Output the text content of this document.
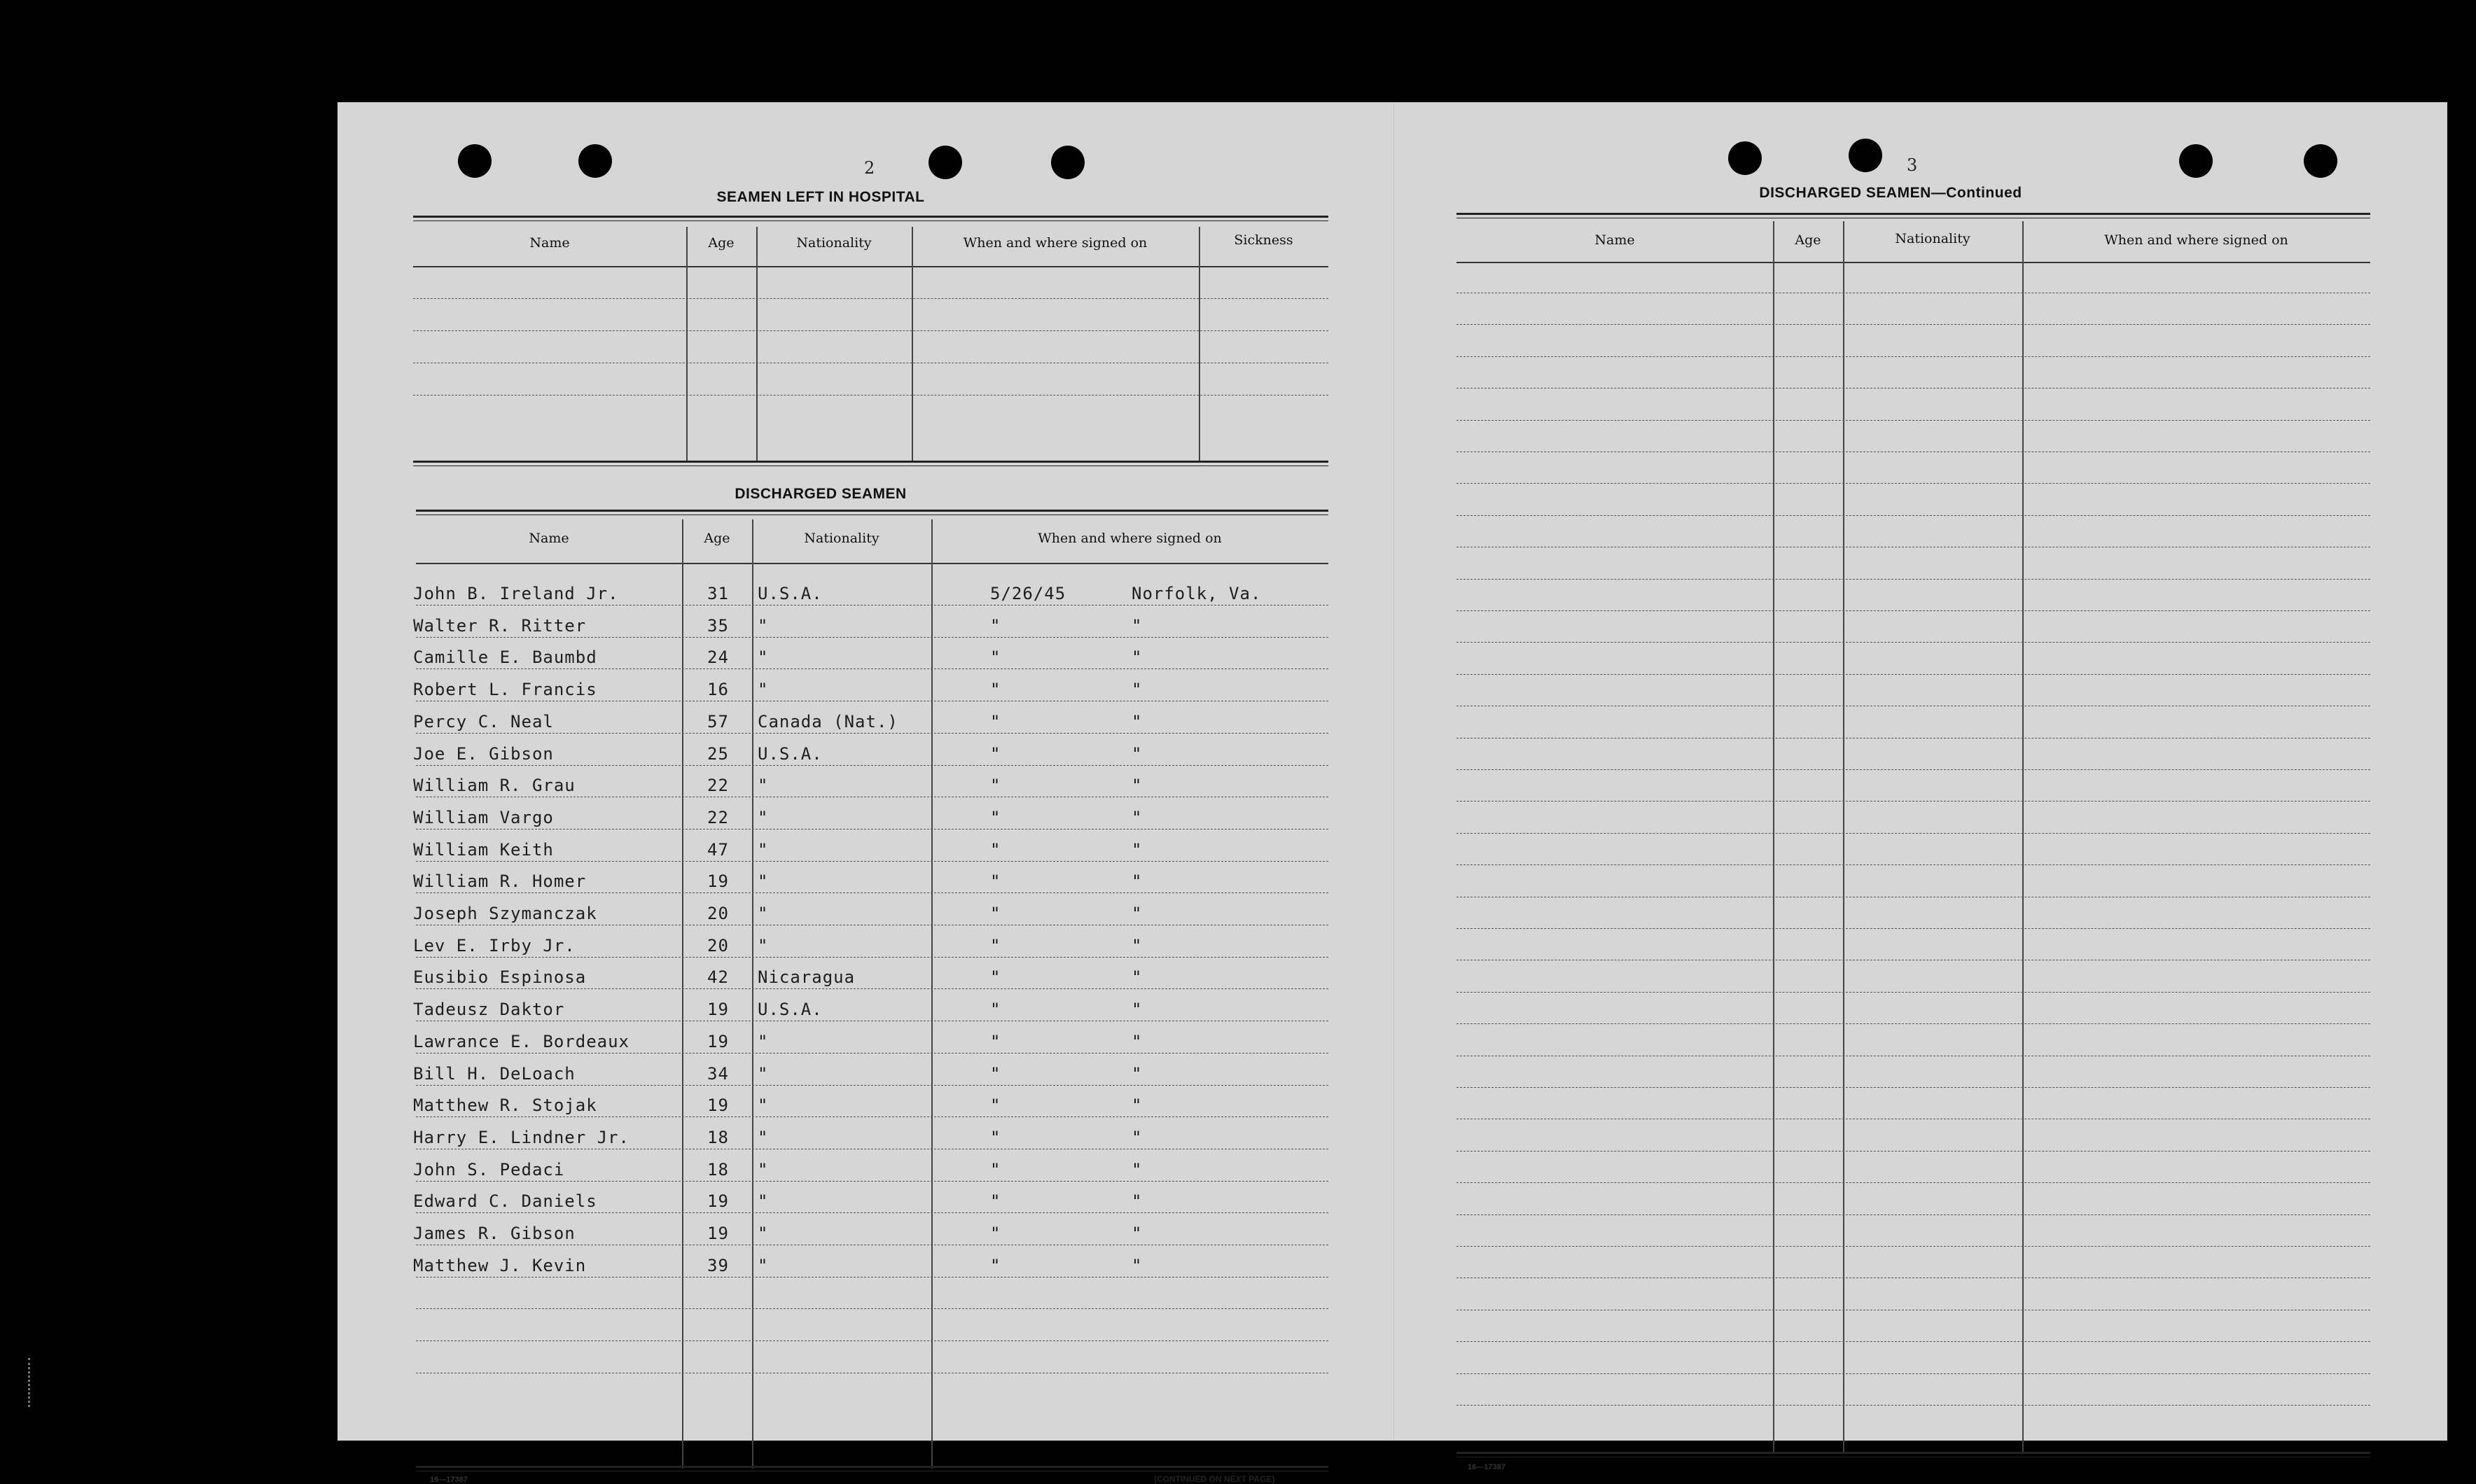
2
SEAMEN LEFT IN HOSPITAL
Name	Age	Nationality	When and where signed on	Sickness
DISCHARGED SEAMEN
Name	Age	Nationality	When and where signed on
John B. Ireland Jr.	31 U.S.A.	5/26/45	Norfolk, Va.
Walter R. Ritter	35 "	"	"
Camille E. Baumbd	24 "	"	"
Robert L. Francis	16 "	"	"
Percy C. Neal	57 Canada (Nat.)	"	"
Joe E. Gibson	25 U.S.A.	"	"
William R. Grau	22 "	"	"
William Vargo	22 "	"	"
William Keith	47 "	"	"
William R. Homer	19 "	"	"
Joseph Szymanczak	20 "	"	"
Lev E. Irby Jr.	20 "	"	"
Eusibio Espinosa	42 Nicaragua	"	"
Tadeusz Daktor	19 U.S.A.	"	"
Lawrance E. Bordeaux	19 "	"	"
Bill H. DeLoach	34 "	"	"
Matthew R. Stojak	19 "	"	"
Harry E. Lindner Jr.	18 "	"	"
John S. Pedaci	18 "	"	"
Edward C. Daniels	19 "	"	"
James R. Gibson	19 "	"	"
Matthew J. Kevin	39 "	"	"
16—17387	(CONTINUED ON NEXT PAGE)
3
DISCHARGED SEAMEN—Continued
Name	Age	Nationality	When and where signed on
16—17387
